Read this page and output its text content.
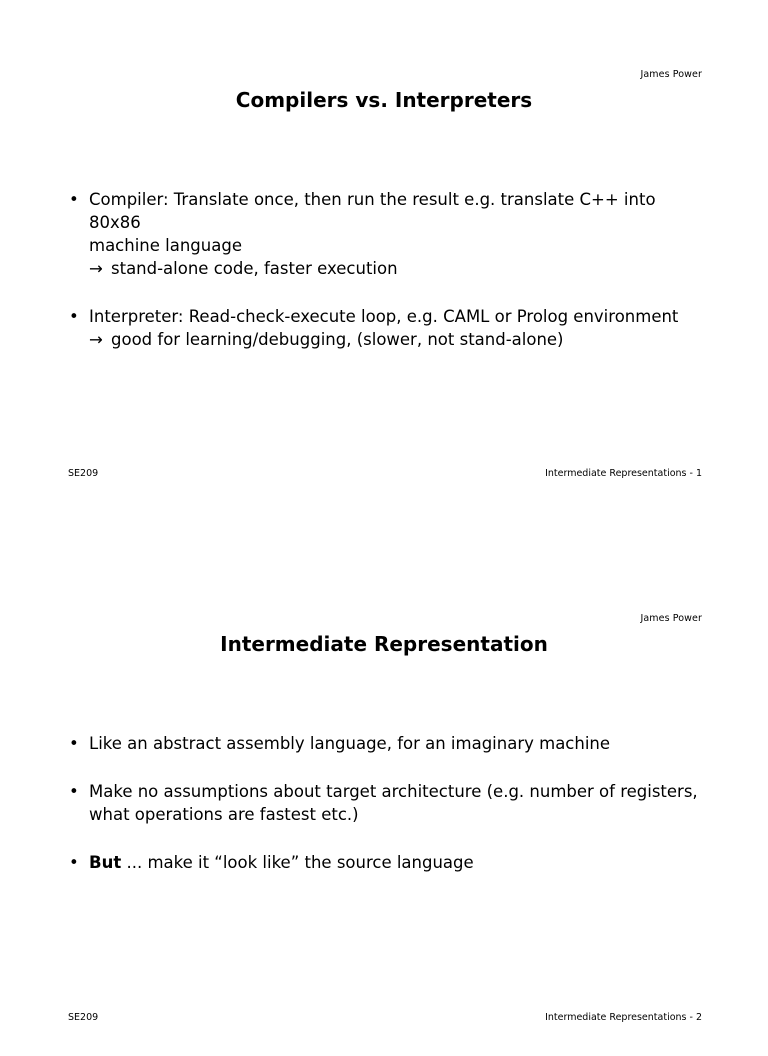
James Power
Compilers vs. Interpreters
• Compiler: Translate once, then run the result e.g. translate C++ into 80x86
machine language
→ stand-alone code, faster execution
• Interpreter: Read-check-execute loop, e.g. CAML or Prolog environment
→ good for learning/debugging, (slower, not stand-alone)
SE209	Intermediate Representations - 1
James Power
Intermediate Representation
• Like an abstract assembly language, for an imaginary machine
• Make no assumptions about target architecture (e.g. number of registers,
what operations are fastest etc.)
• But ... make it “look like” the source language
SE209	Intermediate Representations - 2
